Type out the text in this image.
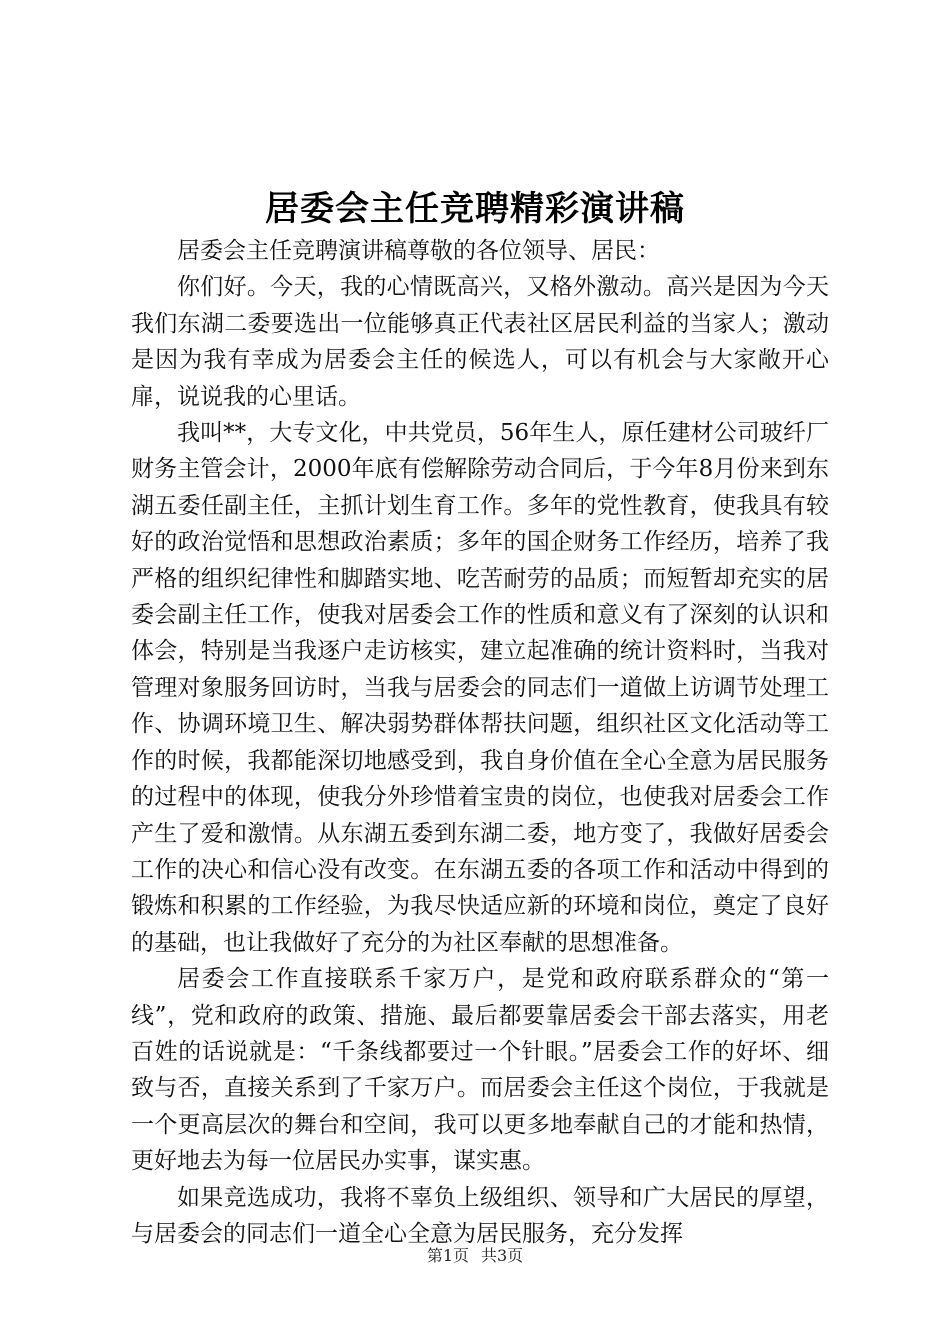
居委会主任竞聘精彩演讲稿

居委会主任竞聘演讲稿尊敬的各位领导、居民：

你们好。今天，我的心情既高兴，又格外激动。高兴是因为今天我们东湖二委要选出一位能够真正代表社区居民利益的当家人；激动是因为我有幸成为居委会主任的候选人，可以有机会与大家敞开心扉，说说我的心里话。

我叫**，大专文化，中共党员，56年生人，原任建材公司玻纤厂财务主管会计，2000年底有偿解除劳动合同后，于今年8月份来到东湖五委任副主任，主抓计划生育工作。多年的党性教育，使我具有较好的政治觉悟和思想政治素质；多年的国企财务工作经历，培养了我严格的组织纪律性和脚踏实地、吃苦耐劳的品质；而短暂却充实的居委会副主任工作，使我对居委会工作的性质和意义有了深刻的认识和体会，特别是当我逐户走访核实，建立起准确的统计资料时，当我对管理对象服务回访时，当我与居委会的同志们一道做上访调节处理工作、协调环境卫生、解决弱势群体帮扶问题，组织社区文化活动等工作的时候，我都能深切地感受到，我自身价值在全心全意为居民服务的过程中的体现，使我分外珍惜着宝贵的岗位，也使我对居委会工作产生了爱和激情。从东湖五委到东湖二委，地方变了，我做好居委会工作的决心和信心没有改变。在东湖五委的各项工作和活动中得到的锻炼和积累的工作经验，为我尽快适应新的环境和岗位，奠定了良好的基础，也让我做好了充分的为社区奉献的思想准备。

居委会工作直接联系千家万户，是党和政府联系群众的“第一线”，党和政府的政策、措施、最后都要靠居委会干部去落实，用老百姓的话说就是：“千条线都要过一个针眼。”居委会工作的好坏、细致与否，直接关系到了千家万户。而居委会主任这个岗位，于我就是一个更高层次的舞台和空间，我可以更多地奉献自己的才能和热情，更好地去为每一位居民办实事，谋实惠。

如果竞选成功，我将不辜负上级组织、领导和广大居民的厚望，与居委会的同志们一道全心全意为居民服务，充分发挥

第1页 共3页
